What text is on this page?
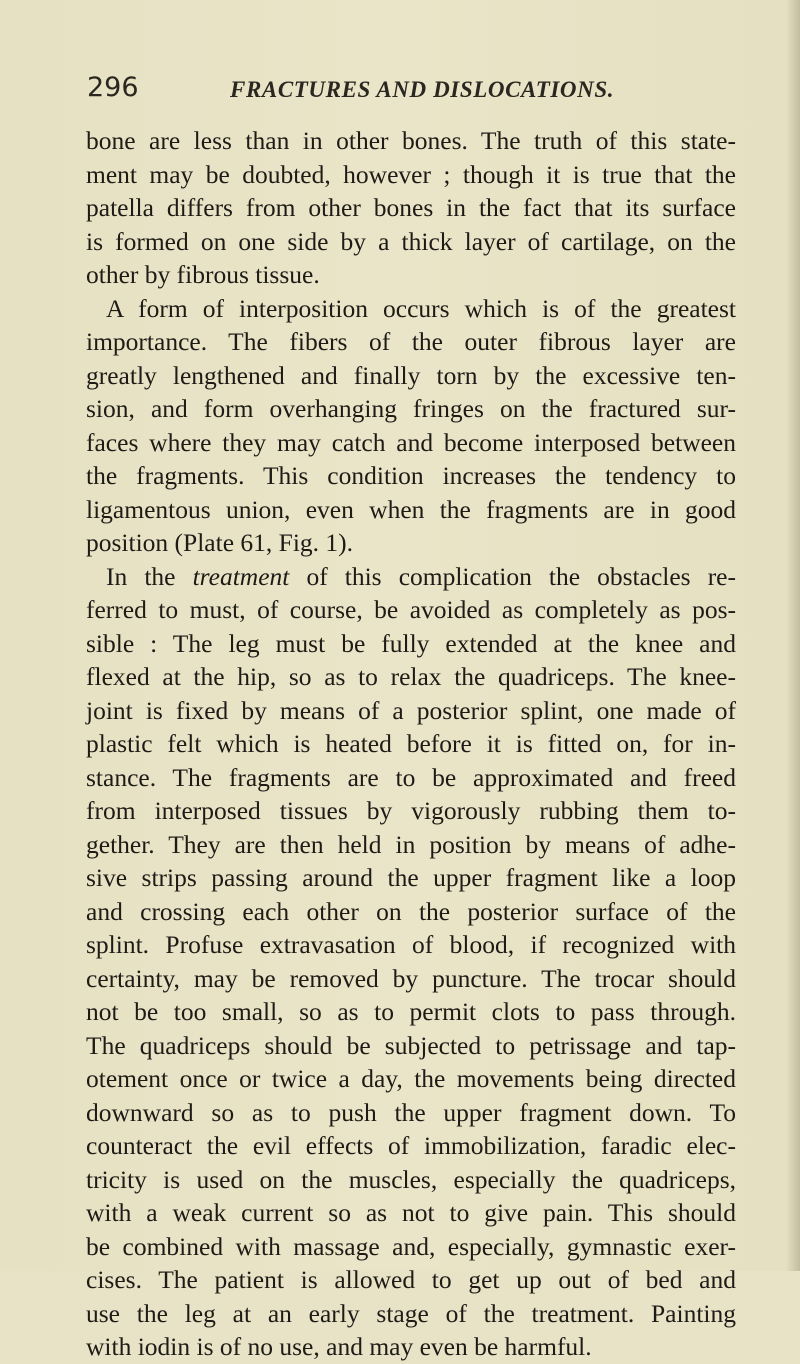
296	FRACTURES AND DISLOCATIONS.
bone are less than in other bones. The truth of this state-
ment may be doubted, however ; though it is true that the
patella differs from other bones in the fact that its surface
is formed on one side by a thick layer of cartilage, on the
other by fibrous tissue.
A form of interposition occurs which is of the greatest
importance. The fibers of the outer fibrous layer are
greatly lengthened and finally torn by the excessive ten-
sion, and form overhanging fringes on the fractured sur-
faces where they may catch and become interposed between
the fragments. This condition increases the tendency to
ligamentous union, even when the fragments are in good
position (Plate 61, Fig. 1).
In the treatment of this complication the obstacles re-
ferred to must, of course, be avoided as completely as pos-
sible : The leg must be fully extended at the knee and
flexed at the hip, so as to relax the quadriceps. The knee-
joint is fixed by means of a posterior splint, one made of
plastic felt which is heated before it is fitted on, for in-
stance. The fragments are to be approximated and freed
from interposed tissues by vigorously rubbing them to-
gether. They are then held in position by means of adhe-
sive strips passing around the upper fragment like a loop
and crossing each other on the posterior surface of the
splint. Profuse extravasation of blood, if recognized with
certainty, may be removed by puncture. The trocar should
not be too small, so as to permit clots to pass through.
The quadriceps should be subjected to petrissage and tap-
otement once or twice a day, the movements being directed
downward so as to push the upper fragment down. To
counteract the evil effects of immobilization, faradic elec-
tricity is used on the muscles, especially the quadriceps,
with a weak current so as not to give pain. This should
be combined with massage and, especially, gymnastic exer-
cises. The patient is allowed to get up out of bed and
use the leg at an early stage of the treatment. Painting
with iodin is of no use, and may even be harmful.
